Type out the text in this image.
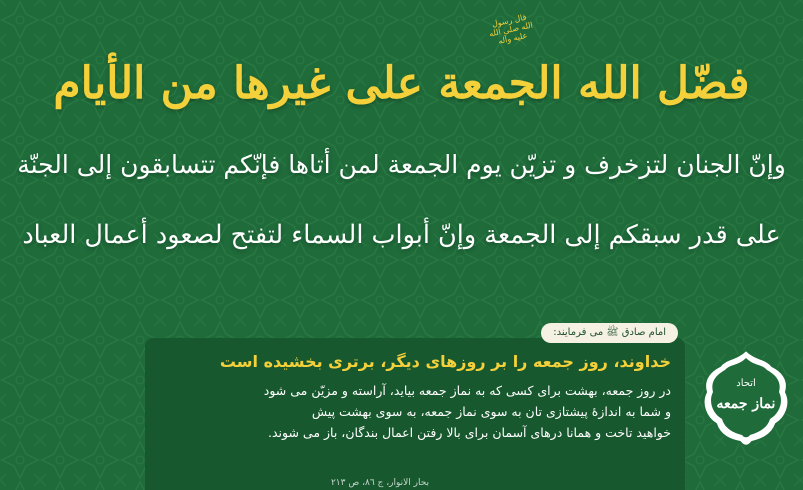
قال رسول الله صلى الله عليه وآله
فضّل الله الجمعة على غيرها من الأيام
وإنّ الجنان لتزخرف و تزيّن يوم الجمعة لمن أتاها فإنّكم تتسابقون إلى الجنّة
على قدر سبقكم إلى الجمعة وإنّ أبواب السماء لتفتح لصعود أعمال العباد
امام صادق ﷺ می فرمایند:
خداوند، روز جمعه را بر روزهای دیگر، برتری بخشیده است
در روز جمعه، بهشت برای کسی که به نماز جمعه بیاید، آراسته و مزیّن می شود
و شما به اندازۀ پیشتازی تان به سوی نماز جمعه، به سوی بهشت پیش
خواهید تاخت و همانا درهای آسمان برای بالا رفتن اعمال بندگان، باز می شوند.
بحار الانوار، ج ٨٦، ص ٢١٣
اتحاد
نماز جمعه
